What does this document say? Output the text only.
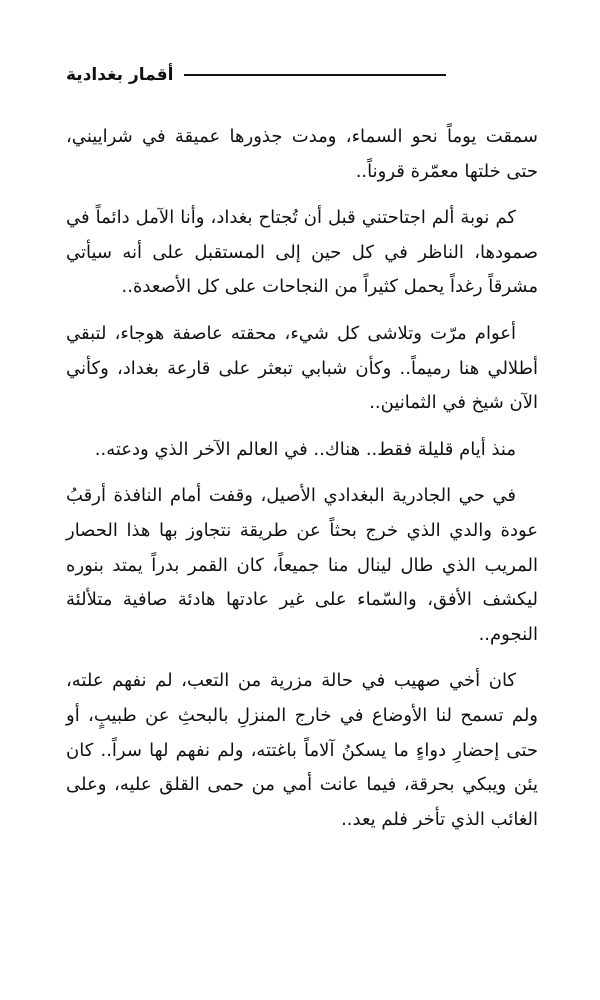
أقمار بغدادية

سمقت يوماً نحو السماء، ومدت جذورها عميقة في شراييني، حتى خلتها معمّرة قروناً..

كم نوبة ألم اجتاحتني قبل أن تُجتاح بغداد، وأنا الآمل دائماً في صمودها، الناظر في كل حين إلى المستقبل على أنه سيأتي مشرقاً رغداً يحمل كثيراً من النجاحات على كل الأصعدة..

أعوام مرّت وتلاشى كل شيء، محقته عاصفة هوجاء، لتبقي أطلالي هنا رميماً.. وكأن شبابي تبعثر على قارعة بغداد، وكأني الآن شيخ في الثمانين..

منذ أيام قليلة فقط.. هناك.. في العالم الآخر الذي ودعته..

في حي الجادرية البغدادي الأصيل، وقفت أمام النافذة أرقبُ عودة والدي الذي خرج بحثاً عن طريقة نتجاوز بها هذا الحصار المريب الذي طال لينال منا جميعاً، كان القمر بدراً يمتد بنوره ليكشف الأفق، والسّماء على غير عادتها هادئة صافية متلألئة النجوم..

كان أخي صهيب في حالة مزرية من التعب، لم نفهم علته، ولم تسمح لنا الأوضاع في خارج المنزلِ بالبحثِ عن طبيبٍ، أو حتى إحضارِ دواءٍ ما يسكنُ آلاماً باغتته، ولم نفهم لها سراً.. كان يئن ويبكي بحرقة، فيما عانت أمي من حمى القلق عليه، وعلى الغائب الذي تأخر فلم يعد..
